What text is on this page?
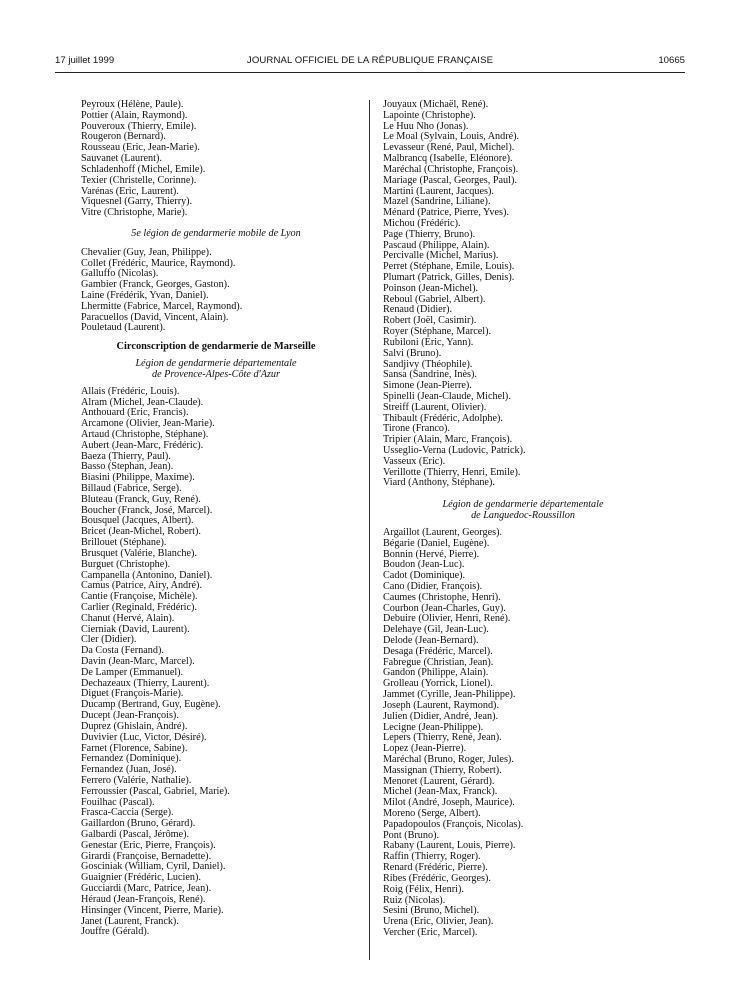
17 juillet 1999	JOURNAL OFFICIEL DE LA RÉPUBLIQUE FRANÇAISE	10665
Peyroux (Hélène, Paule).
Pottier (Alain, Raymond).
Pouveroux (Thierry, Emile).
Rougeron (Bernard).
Rousseau (Eric, Jean-Marie).
Sauvanet (Laurent).
Schladenhoff (Michel, Emile).
Texier (Christelle, Corinne).
Varénas (Eric, Laurent).
Viquesnel (Garry, Thierry).
Vitre (Christophe, Marie).
5e légion de gendarmerie mobile de Lyon
Chevalier (Guy, Jean, Philippe).
Collet (Frédéric, Maurice, Raymond).
Galluffo (Nicolas).
Gambier (Franck, Georges, Gaston).
Laine (Frédérik, Yvan, Daniel).
Lhermitte (Fabrice, Marcel, Raymond).
Paracuellos (David, Vincent, Alain).
Pouletaud (Laurent).
Circonscription de gendarmerie de Marseille
Légion de gendarmerie départementale
de Provence-Alpes-Côte d'Azur
Allais (Frédéric, Louis).
Alram (Michel, Jean-Claude).
Anthouard (Eric, Francis).
Arcamone (Olivier, Jean-Marie).
Artaud (Christophe, Stéphane).
Aubert (Jean-Marc, Frédéric).
Baeza (Thierry, Paul).
Basso (Stephan, Jean).
Biasini (Philippe, Maxime).
Billaud (Fabrice, Serge).
Bluteau (Franck, Guy, René).
Boucher (Franck, José, Marcel).
Bousquel (Jacques, Albert).
Bricet (Jean-Michel, Robert).
Brillouet (Stéphane).
Brusquet (Valérie, Blanche).
Burguet (Christophe).
Campanella (Antonino, Daniel).
Camus (Patrice, Airy, André).
Cantie (Françoise, Michèle).
Carlier (Reginald, Frédéric).
Chanut (Hervé, Alain).
Cierniak (David, Laurent).
Cler (Didier).
Da Costa (Fernand).
Davin (Jean-Marc, Marcel).
De Lamper (Emmanuel).
Dechazeaux (Thierry, Laurent).
Diguet (François-Marie).
Ducamp (Bertrand, Guy, Eugène).
Ducept (Jean-François).
Duprez (Ghislain, André).
Duvivier (Luc, Victor, Désiré).
Farnet (Florence, Sabine).
Fernandez (Dominique).
Fernandez (Juan, José).
Ferrero (Valérie, Nathalie).
Ferroussier (Pascal, Gabriel, Marie).
Fouilhac (Pascal).
Frasca-Caccia (Serge).
Gaillardon (Bruno, Gérard).
Galbardi (Pascal, Jérôme).
Genestar (Eric, Pierre, François).
Girardi (Françoise, Bernadette).
Gosciniak (William, Cyril, Daniel).
Guaignier (Frédéric, Lucien).
Gucciardi (Marc, Patrice, Jean).
Héraud (Jean-François, René).
Hinsinger (Vincent, Pierre, Marie).
Janet (Laurent, Franck).
Jouffre (Gérald).
Jouyaux (Michaël, René).
Lapointe (Christophe).
Le Huu Nho (Jonas).
Le Moal (Sylvain, Louis, André).
Levasseur (René, Paul, Michel).
Malbrancq (Isabelle, Eléonore).
Maréchal (Christophe, François).
Mariage (Pascal, Georges, Paul).
Martini (Laurent, Jacques).
Mazel (Sandrine, Liliane).
Ménard (Patrice, Pierre, Yves).
Michou (Frédéric).
Page (Thierry, Bruno).
Pascaud (Philippe, Alain).
Percivalle (Michel, Marius).
Perret (Stéphane, Emile, Louis).
Plumart (Patrick, Gilles, Denis).
Poinson (Jean-Michel).
Reboul (Gabriel, Albert).
Renaud (Didier).
Robert (Joël, Casimir).
Royer (Stéphane, Marcel).
Rubiloni (Eric, Yann).
Salvi (Bruno).
Sandjivy (Théophile).
Sansa (Sandrine, Inès).
Simone (Jean-Pierre).
Spinelli (Jean-Claude, Michel).
Streiff (Laurent, Olivier).
Thibault (Frédéric, Adolphe).
Tirone (Franco).
Tripier (Alain, Marc, François).
Usseglio-Verna (Ludovic, Patrick).
Vasseux (Eric).
Verillotte (Thierry, Henri, Emile).
Viard (Anthony, Stéphane).
Légion de gendarmerie départementale
de Languedoc-Roussillon
Argaillot (Laurent, Georges).
Bégarie (Daniel, Eugène).
Bonnin (Hervé, Pierre).
Boudon (Jean-Luc).
Cadot (Dominique).
Cano (Didier, François).
Caumes (Christophe, Henri).
Courbon (Jean-Charles, Guy).
Debuire (Olivier, Henri, René).
Delehaye (Gil, Jean-Luc).
Delode (Jean-Bernard).
Desaga (Frédéric, Marcel).
Fabregue (Christian, Jean).
Gandon (Philippe, Alain).
Grolleau (Yorrick, Lionel).
Jammet (Cyrille, Jean-Philippe).
Joseph (Laurent, Raymond).
Julien (Didier, André, Jean).
Lecigne (Jean-Philippe).
Lepers (Thierry, René, Jean).
Lopez (Jean-Pierre).
Maréchal (Bruno, Roger, Jules).
Massignan (Thierry, Robert).
Menoret (Laurent, Gérard).
Michel (Jean-Max, Franck).
Milot (André, Joseph, Maurice).
Moreno (Serge, Albert).
Papadopoulos (François, Nicolas).
Pont (Bruno).
Rabany (Laurent, Louis, Pierre).
Raffin (Thierry, Roger).
Renard (Frédéric, Pierre).
Ribes (Frédéric, Georges).
Roig (Félix, Henri).
Ruiz (Nicolas).
Sesini (Bruno, Michel).
Urena (Eric, Olivier, Jean).
Vercher (Eric, Marcel).
